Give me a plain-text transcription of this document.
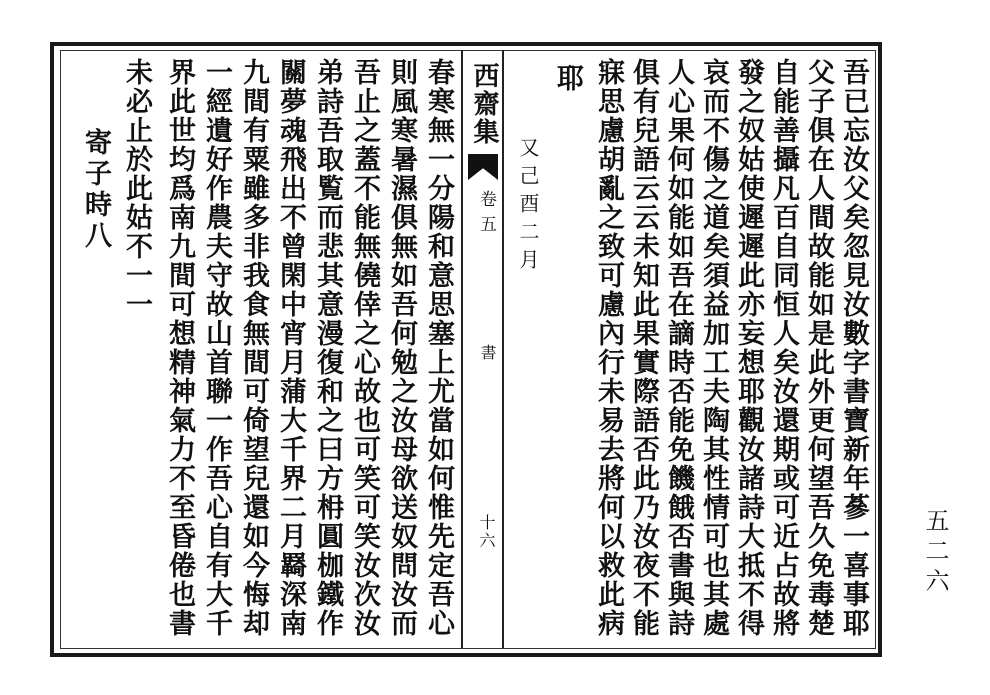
吾已忘汝父矣忽見汝數字書寶新年蔘一喜事耶
父子俱在人間故能如是此外更何望吾久免毒楚
自能善攝凡百自同恒人矣汝還期或可近占故將
發之奴姑使遲遲此亦妄想耶觀汝諸詩大抵不得
哀而不傷之道矣須益加工夫陶其性情可也其處
人心果何如能如吾在謫時否能免饑餓否書與詩
俱有兒語云云未知此果實際語否此乃汝夜不能
寐思慮胡亂之致可慮內行未易去將何以救此病
耶
又己酉二月
西齋集
卷五
書
十六
春寒無一分陽和意思塞上尤當如何惟先定吾心
則風寒暑濕俱無如吾何勉之汝母欲送奴問汝而
吾止之蓋不能無僥倖之心故也可笑可笑汝次汝
弟詩吾取覧而悲其意漫復和之曰方枏圓枷鐵作
關夢魂飛出不曾閑中宵月蒲大千界二月羇深南
九間有粟雖多非我食無間可倚望兒還如今悔却
一經遺好作農夫守故山首聯一作吾心自有大千
界此世均爲南九間可想精神氣力不至昏倦也書
未必止於此姑不一一
寄子時八
五二六
